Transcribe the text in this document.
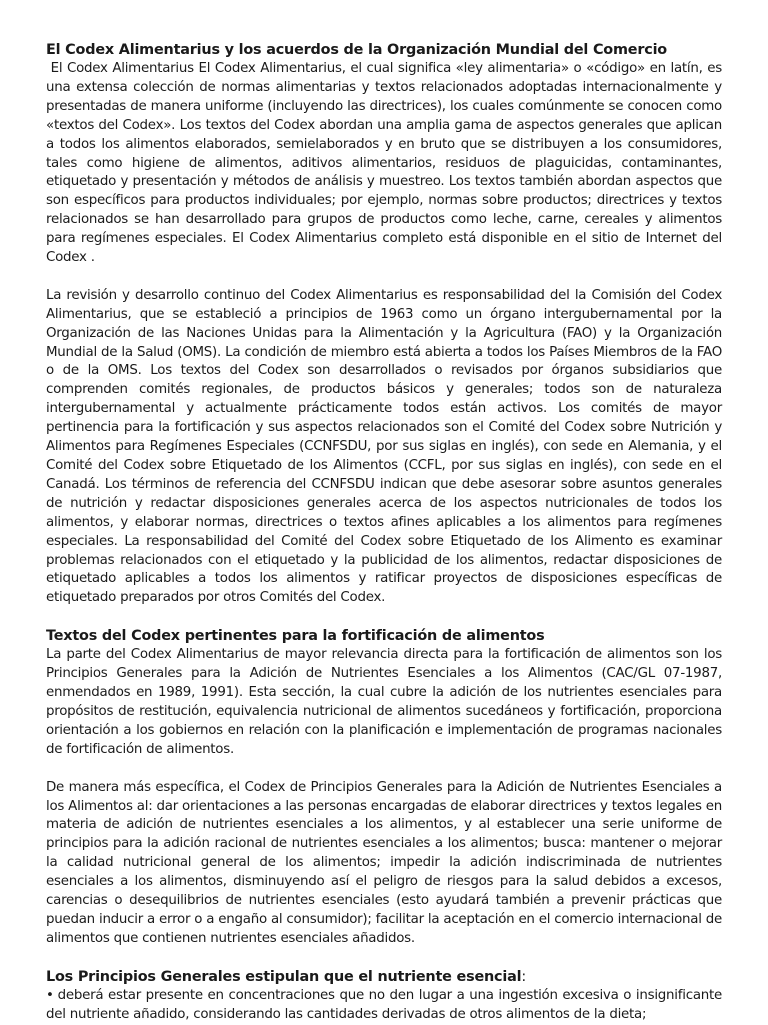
El Codex Alimentarius y los acuerdos de la Organización Mundial del Comercio

El Codex Alimentarius El Codex Alimentarius, el cual significa «ley alimentaria» o «código» en latín, es una extensa colección de normas alimentarias y textos relacionados adoptadas internacionalmente y presentadas de manera uniforme (incluyendo las directrices), los cuales comúnmente se conocen como «textos del Codex». Los textos del Codex abordan una amplia gama de aspectos generales que aplican a todos los alimentos elaborados, semielaborados y en bruto que se distribuyen a los consumidores, tales como higiene de alimentos, aditivos alimentarios, residuos de plaguicidas, contaminantes, etiquetado y presentación y métodos de análisis y muestreo. Los textos también abordan aspectos que son específicos para productos individuales; por ejemplo, normas sobre productos; directrices y textos relacionados se han desarrollado para grupos de productos como leche, carne, cereales y alimentos para regímenes especiales. El Codex Alimentarius completo está disponible en el sitio de Internet del Codex .

La revisión y desarrollo continuo del Codex Alimentarius es responsabilidad del la Comisión del Codex Alimentarius, que se estableció a principios de 1963 como un órgano intergubernamental por la Organización de las Naciones Unidas para la Alimentación y la Agricultura (FAO) y la Organización Mundial de la Salud (OMS). La condición de miembro está abierta a todos los Países Miembros de la FAO o de la OMS. Los textos del Codex son desarrollados o revisados por órganos subsidiarios que comprenden comités regionales, de productos básicos y generales; todos son de naturaleza intergubernamental y actualmente prácticamente todos están activos. Los comités de mayor pertinencia para la fortificación y sus aspectos relacionados son el Comité del Codex sobre Nutrición y Alimentos para Regímenes Especiales (CCNFSDU, por sus siglas en inglés), con sede en Alemania, y el Comité del Codex sobre Etiquetado de los Alimentos (CCFL, por sus siglas en inglés), con sede en el Canadá. Los términos de referencia del CCNFSDU indican que debe asesorar sobre asuntos generales de nutrición y redactar disposiciones generales acerca de los aspectos nutricionales de todos los alimentos, y elaborar normas, directrices o textos afines aplicables a los alimentos para regímenes especiales. La responsabilidad del Comité del Codex sobre Etiquetado de los Alimento es examinar problemas relacionados con el etiquetado y la publicidad de los alimentos, redactar disposiciones de etiquetado aplicables a todos los alimentos y ratificar proyectos de disposiciones específicas de etiquetado preparados por otros Comités del Codex.

Textos del Codex pertinentes para la fortificación de alimentos

La parte del Codex Alimentarius de mayor relevancia directa para la fortificación de alimentos son los Principios Generales para la Adición de Nutrientes Esenciales a los Alimentos (CAC/GL 07-1987, enmendados en 1989, 1991). Esta sección, la cual cubre la adición de los nutrientes esenciales para propósitos de restitución, equivalencia nutricional de alimentos sucedáneos y fortificación, proporciona orientación a los gobiernos en relación con la planificación e implementación de programas nacionales de fortificación de alimentos.

De manera más específica, el Codex de Principios Generales para la Adición de Nutrientes Esenciales a los Alimentos al: dar orientaciones a las personas encargadas de elaborar directrices y textos legales en materia de adición de nutrientes esenciales a los alimentos, y al establecer una serie uniforme de principios para la adición racional de nutrientes esenciales a los alimentos; busca: mantener o mejorar la calidad nutricional general de los alimentos; impedir la adición indiscriminada de nutrientes esenciales a los alimentos, disminuyendo así el peligro de riesgos para la salud debidos a excesos, carencias o desequilibrios de nutrientes esenciales (esto ayudará también a prevenir prácticas que puedan inducir a error o a engaño al consumidor); facilitar la aceptación en el comercio internacional de alimentos que contienen nutrientes esenciales añadidos.

Los Principios Generales estipulan que el nutriente esencial:

• deberá estar presente en concentraciones que no den lugar a una ingestión excesiva o insignificante del nutriente añadido, considerando las cantidades derivadas de otros alimentos de la dieta;
